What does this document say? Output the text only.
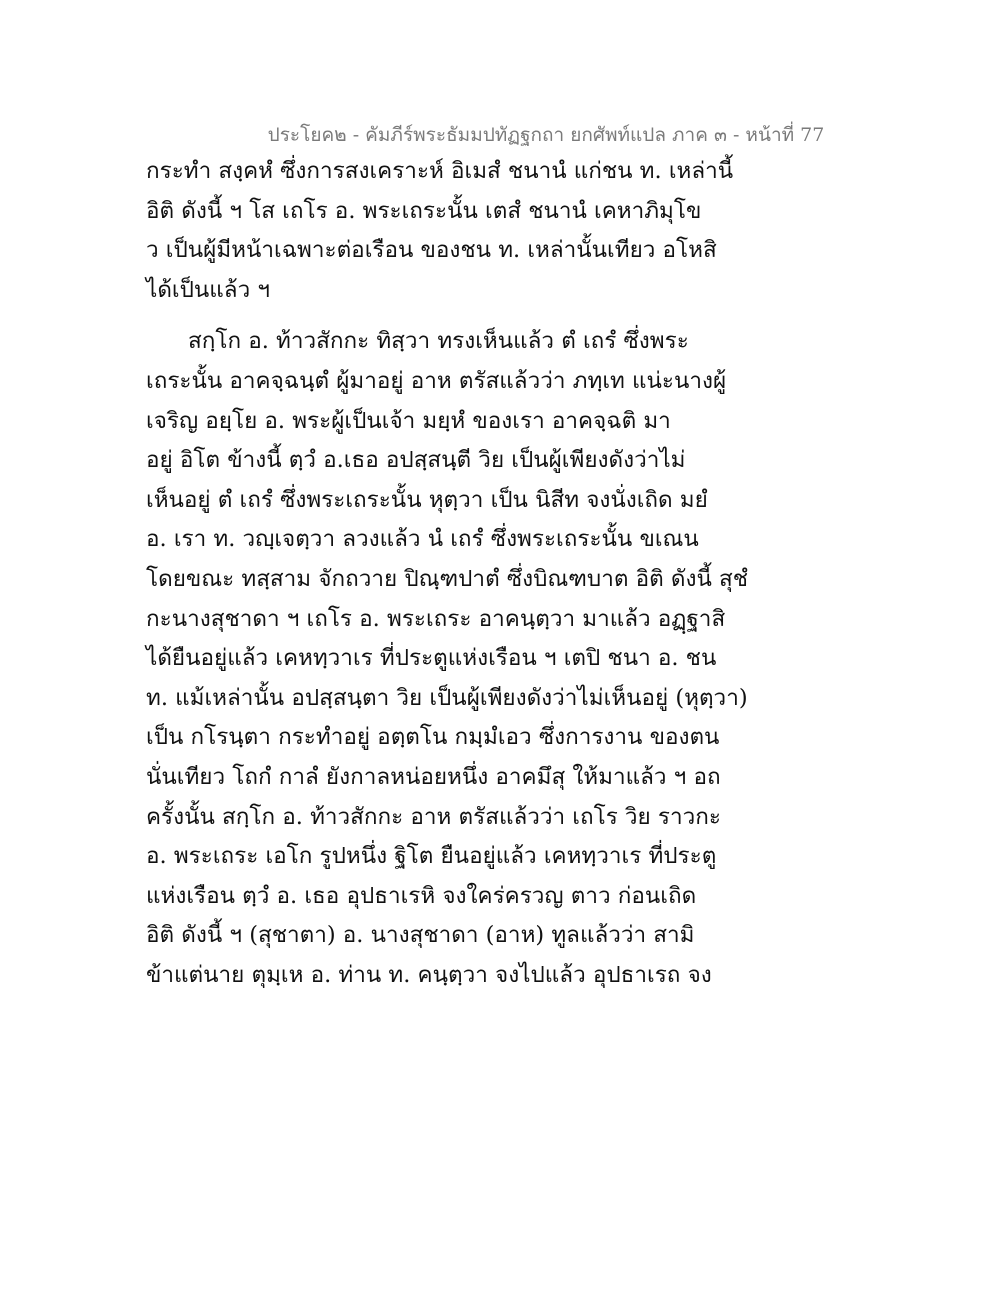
ประโยค๒ - คัมภีร์พระธัมมปทัฏฐกถา ยกศัพท์แปล ภาค ๓ - หน้าที่ 77
กระทำ สงฺคหํ ซึ่งการสงเคราะห์ อิเมสํ ชนานํ แก่ชน ท. เหล่านี้
อิติ ดังนี้ ฯ โส เถโร อ. พระเถระนั้น เตสํ ชนานํ เคหาภิมุโข
ว เป็นผู้มีหน้าเฉพาะต่อเรือน ของชน ท. เหล่านั้นเทียว อโหสิ
ได้เป็นแล้ว ฯ
สกฺโก อ. ท้าวสักกะ ทิสฺวา ทรงเห็นแล้ว ตํ เถรํ ซึ่งพระ
เถระนั้น อาคจฺฉนฺตํ ผู้มาอยู่ อาห ตรัสแล้วว่า ภทฺเท แน่ะนางผู้
เจริญ อยฺโย อ. พระผู้เป็นเจ้า มยฺหํ ของเรา อาคจฺฉติ มา
อยู่ อิโต ข้างนี้ ตฺวํ อ.เธอ อปสฺสนฺตี วิย เป็นผู้เพียงดังว่าไม่
เห็นอยู่ ตํ เถรํ ซึ่งพระเถระนั้น หุตฺวา เป็น นิสีท จงนั่งเถิด มยํ
อ. เรา ท. วญฺเจตฺวา ลวงแล้ว นํ เถรํ ซึ่งพระเถระนั้น ขเณน
โดยขณะ ทสฺสาม จักถวาย ปิณฺฑปาตํ ซึ่งบิณฑบาต อิติ ดังนี้ สุชํ
กะนางสุชาดา ฯ เถโร อ. พระเถระ อาคนฺตฺวา มาแล้ว อฏฺฐาสิ
ได้ยืนอยู่แล้ว เคหทฺวาเร ที่ประตูแห่งเรือน ฯ เตปิ ชนา อ. ชน
ท. แม้เหล่านั้น อปสฺสนฺตา วิย เป็นผู้เพียงดังว่าไม่เห็นอยู่ (หุตฺวา)
เป็น กโรนฺตา กระทำอยู่ อตฺตโน กมฺมํเอว ซึ่งการงาน ของตน
นั่นเทียว โถกํ กาลํ ยังกาลหน่อยหนึ่ง อาคมึสุ ให้มาแล้ว ฯ อถ
ครั้งนั้น สกฺโก อ. ท้าวสักกะ อาห ตรัสแล้วว่า เถโร วิย ราวกะ
อ. พระเถระ เอโก รูปหนึ่ง ฐิโต ยืนอยู่แล้ว เคหทฺวาเร ที่ประตู
แห่งเรือน ตฺวํ อ. เธอ อุปธาเรหิ จงใคร่ครวญ ตาว ก่อนเถิด
อิติ ดังนี้ ฯ (สุชาตา) อ. นางสุชาดา (อาห) ทูลแล้วว่า สามิ
ข้าแต่นาย ตุมฺเห อ. ท่าน ท. คนฺตฺวา จงไปแล้ว อุปธาเรถ จง
